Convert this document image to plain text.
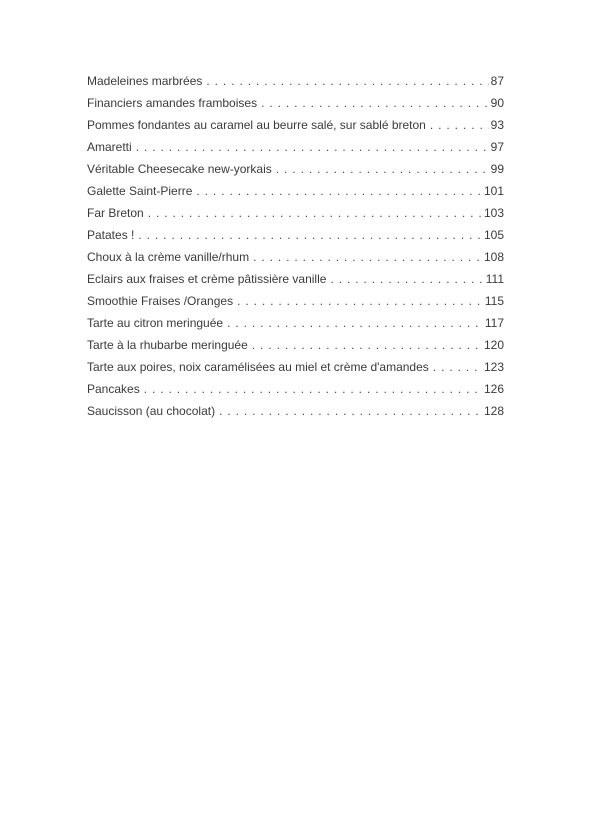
Madeleines marbrées . . .	87
Financiers amandes framboises . . .	90
Pommes fondantes au caramel au beurre salé, sur sablé breton . . .	93
Amaretti . . .	97
Véritable Cheesecake new-yorkais . . .	99
Galette Saint-Pierre . . .	101
Far Breton . . .	103
Patates ! . . .	105
Choux à la crème vanille/rhum . . .	108
Eclairs aux fraises et crème pâtissière vanille . . .	111
Smoothie Fraises /Oranges . . .	115
Tarte au citron meringuée . . .	117
Tarte à la rhubarbe meringuée . . .	120
Tarte aux poires, noix caramélisées au miel et crème d'amandes . . .	123
Pancakes . . .	126
Saucisson (au chocolat) . . .	128
